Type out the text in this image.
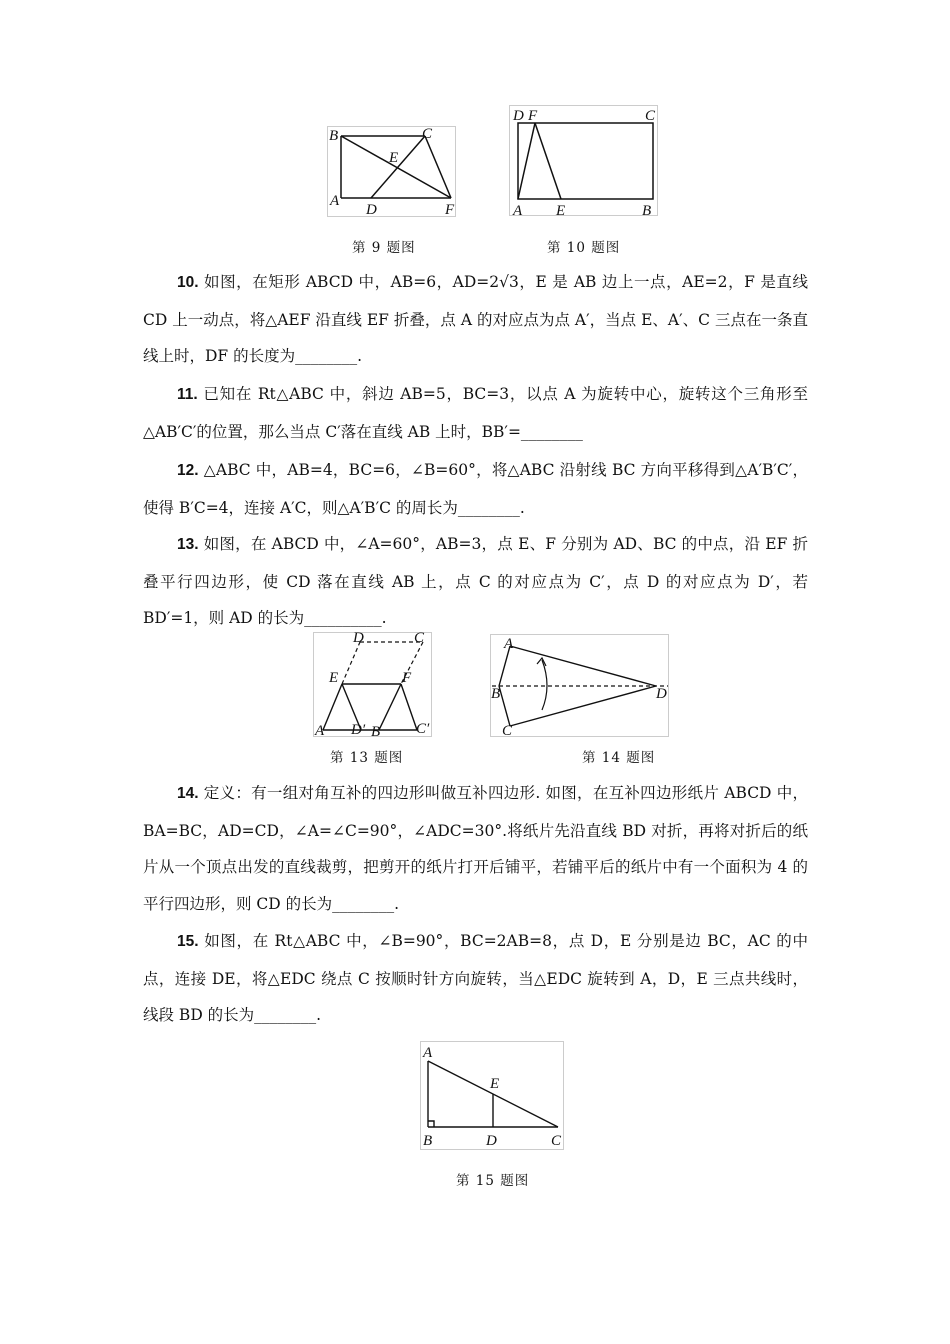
B	C
E
A
D	F
第 9 题图
D F	C
A E	B
第 10 题图

10. 如图，在矩形 ABCD 中，AB=6，AD=2√3，E 是 AB 边上一点，AE=2，F 是直线 CD 上一动点，将△AEF 沿直线 EF 折叠，点 A 的对应点为点 A′，当点 E、A′、C 三点在一条直线上时，DF 的长度为________.

11. 已知在 Rt△ABC 中，斜边 AB=5，BC=3，以点 A 为旋转中心，旋转这个三角形至△AB′C′的位置，那么当点 C′落在直线 AB 上时，BB′=________

12. △ABC 中，AB=4，BC=6，∠B=60°，将△ABC 沿射线 BC 方向平移得到△A′B′C′，使得 B′C=4，连接 A′C，则△A′B′C 的周长为________.

13. 如图，在 ABCD 中，∠A=60°，AB=3，点 E、F 分别为 AD、BC 的中点，沿 EF 折叠平行四边形，使 CD 落在直线 AB 上，点 C 的对应点为 C′，点 D 的对应点为 D′，若 BD′=1，则 AD 的长为__________.

D	C
E	F
A D′ B C′
第 13 题图
A
B
C
D
第 14 题图

14. 定义：有一组对角互补的四边形叫做互补四边形. 如图，在互补四边形纸片 ABCD 中，BA=BC，AD=CD，∠A=∠C=90°，∠ADC=30°.将纸片先沿直线 BD 对折，再将对折后的纸片从一个顶点出发的直线裁剪，把剪开的纸片打开后铺平，若铺平后的纸片中有一个面积为 4 的平行四边形，则 CD 的长为________.

15. 如图，在 Rt△ABC 中，∠B=90°，BC=2AB=8，点 D，E 分别是边 BC，AC 的中点，连接 DE，将△EDC 绕点 C 按顺时针方向旋转，当△EDC 旋转到 A，D，E 三点共线时，线段 BD 的长为________.

A
E
B	D	C
第 15 题图
